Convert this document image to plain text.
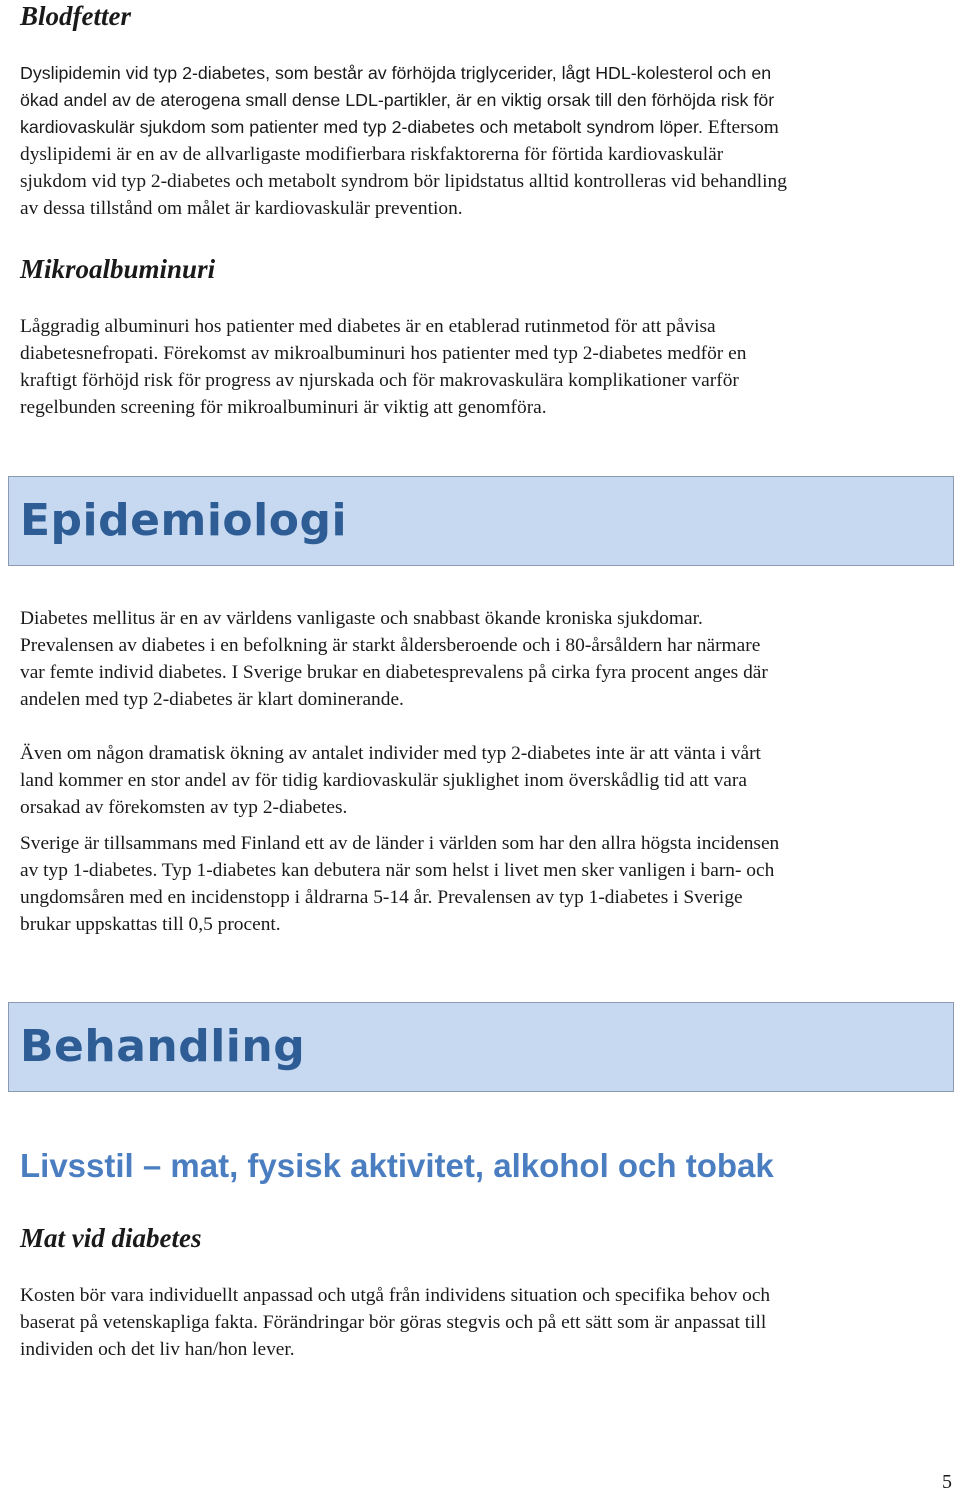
Blodfetter

Dyslipidemin vid typ 2-diabetes, som består av förhöjda triglycerider, lågt HDL-kolesterol och en
ökad andel av de aterogena small dense LDL-partikler, är en viktig orsak till den förhöjda risk för
kardiovaskulär sjukdom som patienter med typ 2-diabetes och metabolt syndrom löper. Eftersom
dyslipidemi är en av de allvarligaste modifierbara riskfaktorerna för förtida kardiovaskulär
sjukdom vid typ 2-diabetes och metabolt syndrom bör lipidstatus alltid kontrolleras vid behandling
av dessa tillstånd om målet är kardiovaskulär prevention.

Mikroalbuminuri

Låggradig albuminuri hos patienter med diabetes är en etablerad rutinmetod för att påvisa
diabetesnefropati. Förekomst av mikroalbuminuri hos patienter med typ 2-diabetes medför en
kraftigt förhöjd risk för progress av njurskada och för makrovaskulära komplikationer varför
regelbunden screening för mikroalbuminuri är viktig att genomföra.

Epidemiologi

Diabetes mellitus är en av världens vanligaste och snabbast ökande kroniska sjukdomar.
Prevalensen av diabetes i en befolkning är starkt åldersberoende och i 80-årsåldern har närmare
var femte individ diabetes. I Sverige brukar en diabetesprevalens på cirka fyra procent anges där
andelen med typ 2-diabetes är klart dominerande.

Även om någon dramatisk ökning av antalet individer med typ 2-diabetes inte är att vänta i vårt
land kommer en stor andel av för tidig kardiovaskulär sjuklighet inom överskådlig tid att vara
orsakad av förekomsten av typ 2-diabetes.

Sverige är tillsammans med Finland ett av de länder i världen som har den allra högsta incidensen
av typ 1-diabetes. Typ 1-diabetes kan debutera när som helst i livet men sker vanligen i barn- och
ungdomsåren med en incidenstopp i åldrarna 5-14 år. Prevalensen av typ 1-diabetes i Sverige
brukar uppskattas till 0,5 procent.

Behandling
Livsstil – mat, fysisk aktivitet, alkohol och tobak
Mat vid diabetes

Kosten bör vara individuellt anpassad och utgå från individens situation och specifika behov och
baserat på vetenskapliga fakta. Förändringar bör göras stegvis och på ett sätt som är anpassat till
individen och det liv han/hon lever.

5
